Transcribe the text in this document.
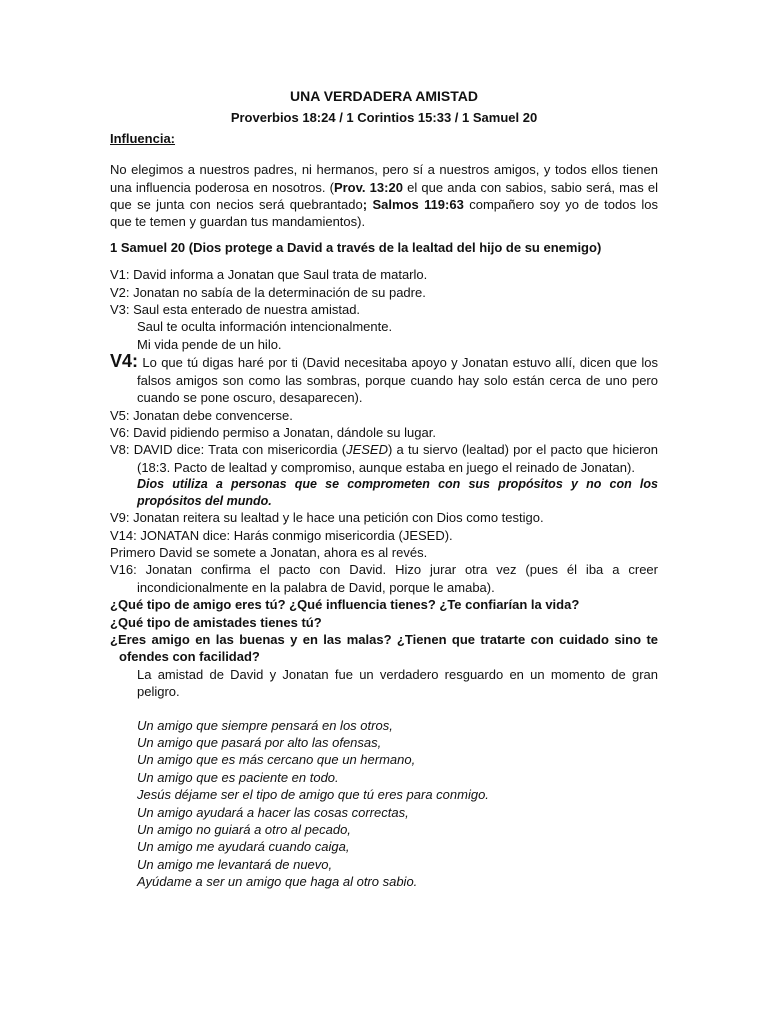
UNA VERDADERA AMISTAD

Proverbios 18:24 / 1 Corintios 15:33 / 1 Samuel 20

Influencia:

No elegimos a nuestros padres, ni hermanos, pero sí a nuestros amigos, y todos ellos tienen una influencia poderosa en nosotros. (Prov. 13:20 el que anda con sabios, sabio será, mas el que se junta con necios será quebrantado; Salmos 119:63 compañero soy yo de todos los que te temen y guardan tus mandamientos).

1 Samuel 20 (Dios protege a David a través de la lealtad del hijo de su enemigo)

V1: David informa a Jonatan que Saul trata de matarlo.

V2: Jonatan no sabía de la determinación de su padre.

V3: Saul esta enterado de nuestra amistad.

Saul te oculta información intencionalmente.

Mi vida pende de un hilo.

V4: Lo que tú digas haré por ti (David necesitaba apoyo y Jonatan estuvo allí, dicen que los falsos amigos son como las sombras, porque cuando hay solo están cerca de uno pero cuando se pone oscuro, desaparecen).

V5: Jonatan debe convencerse.

V6: David pidiendo permiso a Jonatan, dándole su lugar.

V8: DAVID dice: Trata con misericordia (JESED) a tu siervo (lealtad) por el pacto que hicieron (18:3. Pacto de lealtad y compromiso, aunque estaba en juego el reinado de Jonatan).

Dios utiliza a personas que se comprometen con sus propósitos y no con los propósitos del mundo.

V9: Jonatan reitera su lealtad y le hace una petición con Dios como testigo.

V14: JONATAN dice: Harás conmigo misericordia (JESED).

Primero David se somete a Jonatan, ahora es al revés.

V16: Jonatan confirma el pacto con David. Hizo jurar otra vez (pues él iba a creer incondicionalmente en la palabra de David, porque le amaba).

¿Qué tipo de amigo eres tú? ¿Qué influencia tienes? ¿Te confiarían la vida?

¿Qué tipo de amistades tienes tú?

¿Eres amigo en las buenas y en las malas? ¿Tienen que tratarte con cuidado sino te ofendes con facilidad?

La amistad de David y Jonatan fue un verdadero resguardo en un momento de gran peligro.

Un amigo que siempre pensará en los otros,

Un amigo que pasará por alto las ofensas,

Un amigo que es más cercano que un hermano,

Un amigo que es paciente en todo.

Jesús déjame ser el tipo de amigo que tú eres para conmigo.

Un amigo ayudará a hacer las cosas correctas,

Un amigo no guiará a otro al pecado,

Un amigo me ayudará cuando caiga,

Un amigo me levantará de nuevo,

Ayúdame a ser un amigo que haga al otro sabio.
